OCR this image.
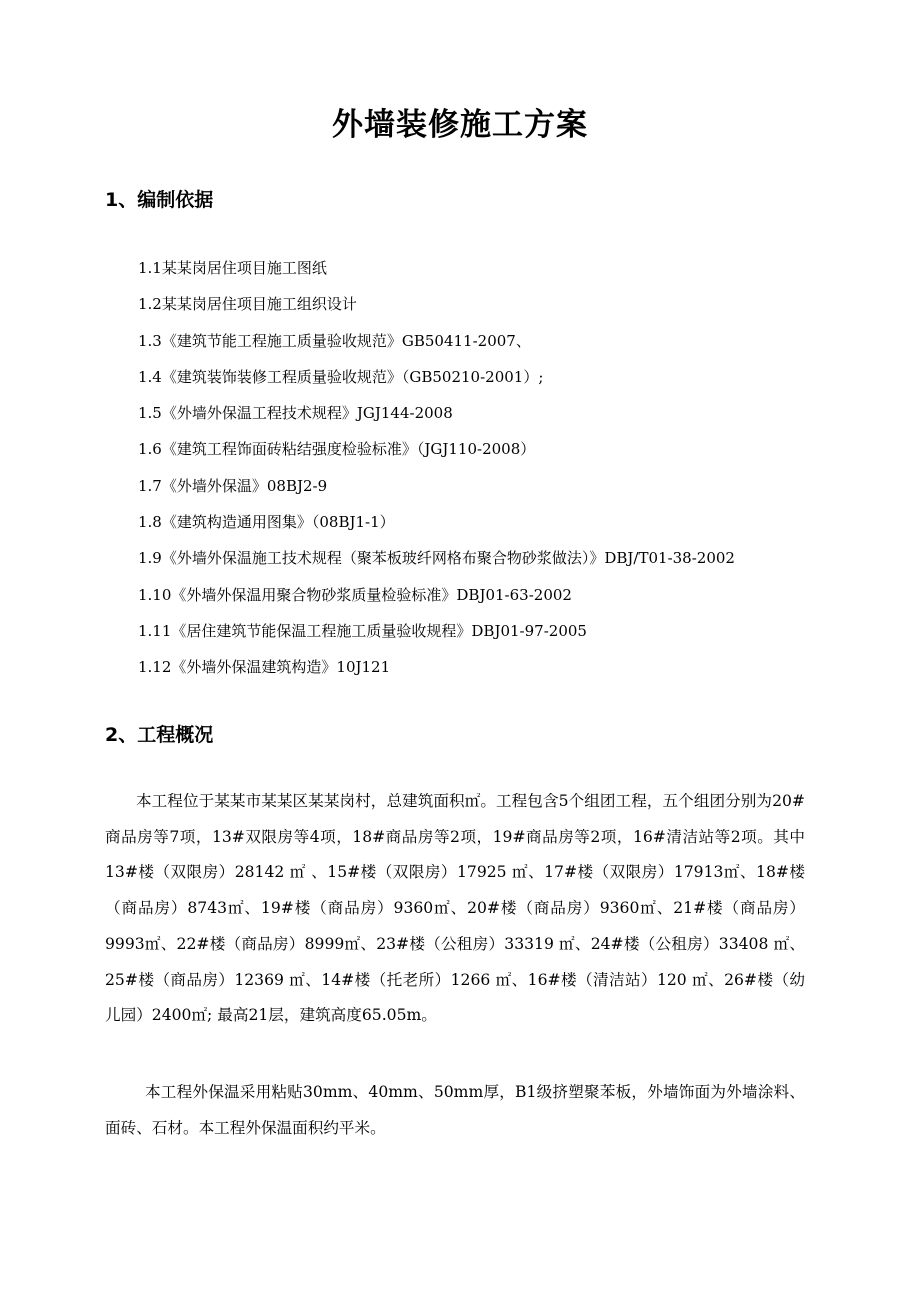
外墙装修施工方案
1、编制依据
1.1某某岗居住项目施工图纸
1.2某某岗居住项目施工组织设计
1.3《建筑节能工程施工质量验收规范》GB50411-2007、
1.4《建筑装饰装修工程质量验收规范》（GB50210-2001）;
1.5《外墙外保温工程技术规程》JGJ144-2008
1.6《建筑工程饰面砖粘结强度检验标准》（JGJ110-2008）
1.7《外墙外保温》08BJ2-9
1.8《建筑构造通用图集》（08BJ1-1）
1.9《外墙外保温施工技术规程（聚苯板玻纤网格布聚合物砂浆做法）》DBJ/T01-38-2002
1.10《外墙外保温用聚合物砂浆质量检验标准》DBJ01-63-2002
1.11《居住建筑节能保温工程施工质量验收规程》DBJ01-97-2005
1.12《外墙外保温建筑构造》10J121
2、工程概况

本工程位于某某市某某区某某岗村，总建筑面积㎡。工程包含5个组团工程，五个组团分别为20#商品房等7项，13#双限房等4项，18#商品房等2项，19#商品房等2项，16#清洁站等2项。其中13#楼（双限房）28142 ㎡ 、15#楼（双限房）17925 ㎡、17#楼（双限房）17913㎡、18#楼（商品房）8743㎡、19#楼（商品房）9360㎡、20#楼（商品房）9360㎡、21#楼（商品房）9993㎡、22#楼（商品房）8999㎡、23#楼（公租房）33319 ㎡、24#楼（公租房）33408 ㎡、25#楼（商品房）12369 ㎡、14#楼（托老所）1266 ㎡、16#楼（清洁站）120 ㎡、26#楼（幼儿园）2400㎡; 最高21层，建筑高度65.05m。

本工程外保温采用粘贴30mm、40mm、50mm厚，B1级挤塑聚苯板，外墙饰面为外墙涂料、面砖、石材。本工程外保温面积约平米。
